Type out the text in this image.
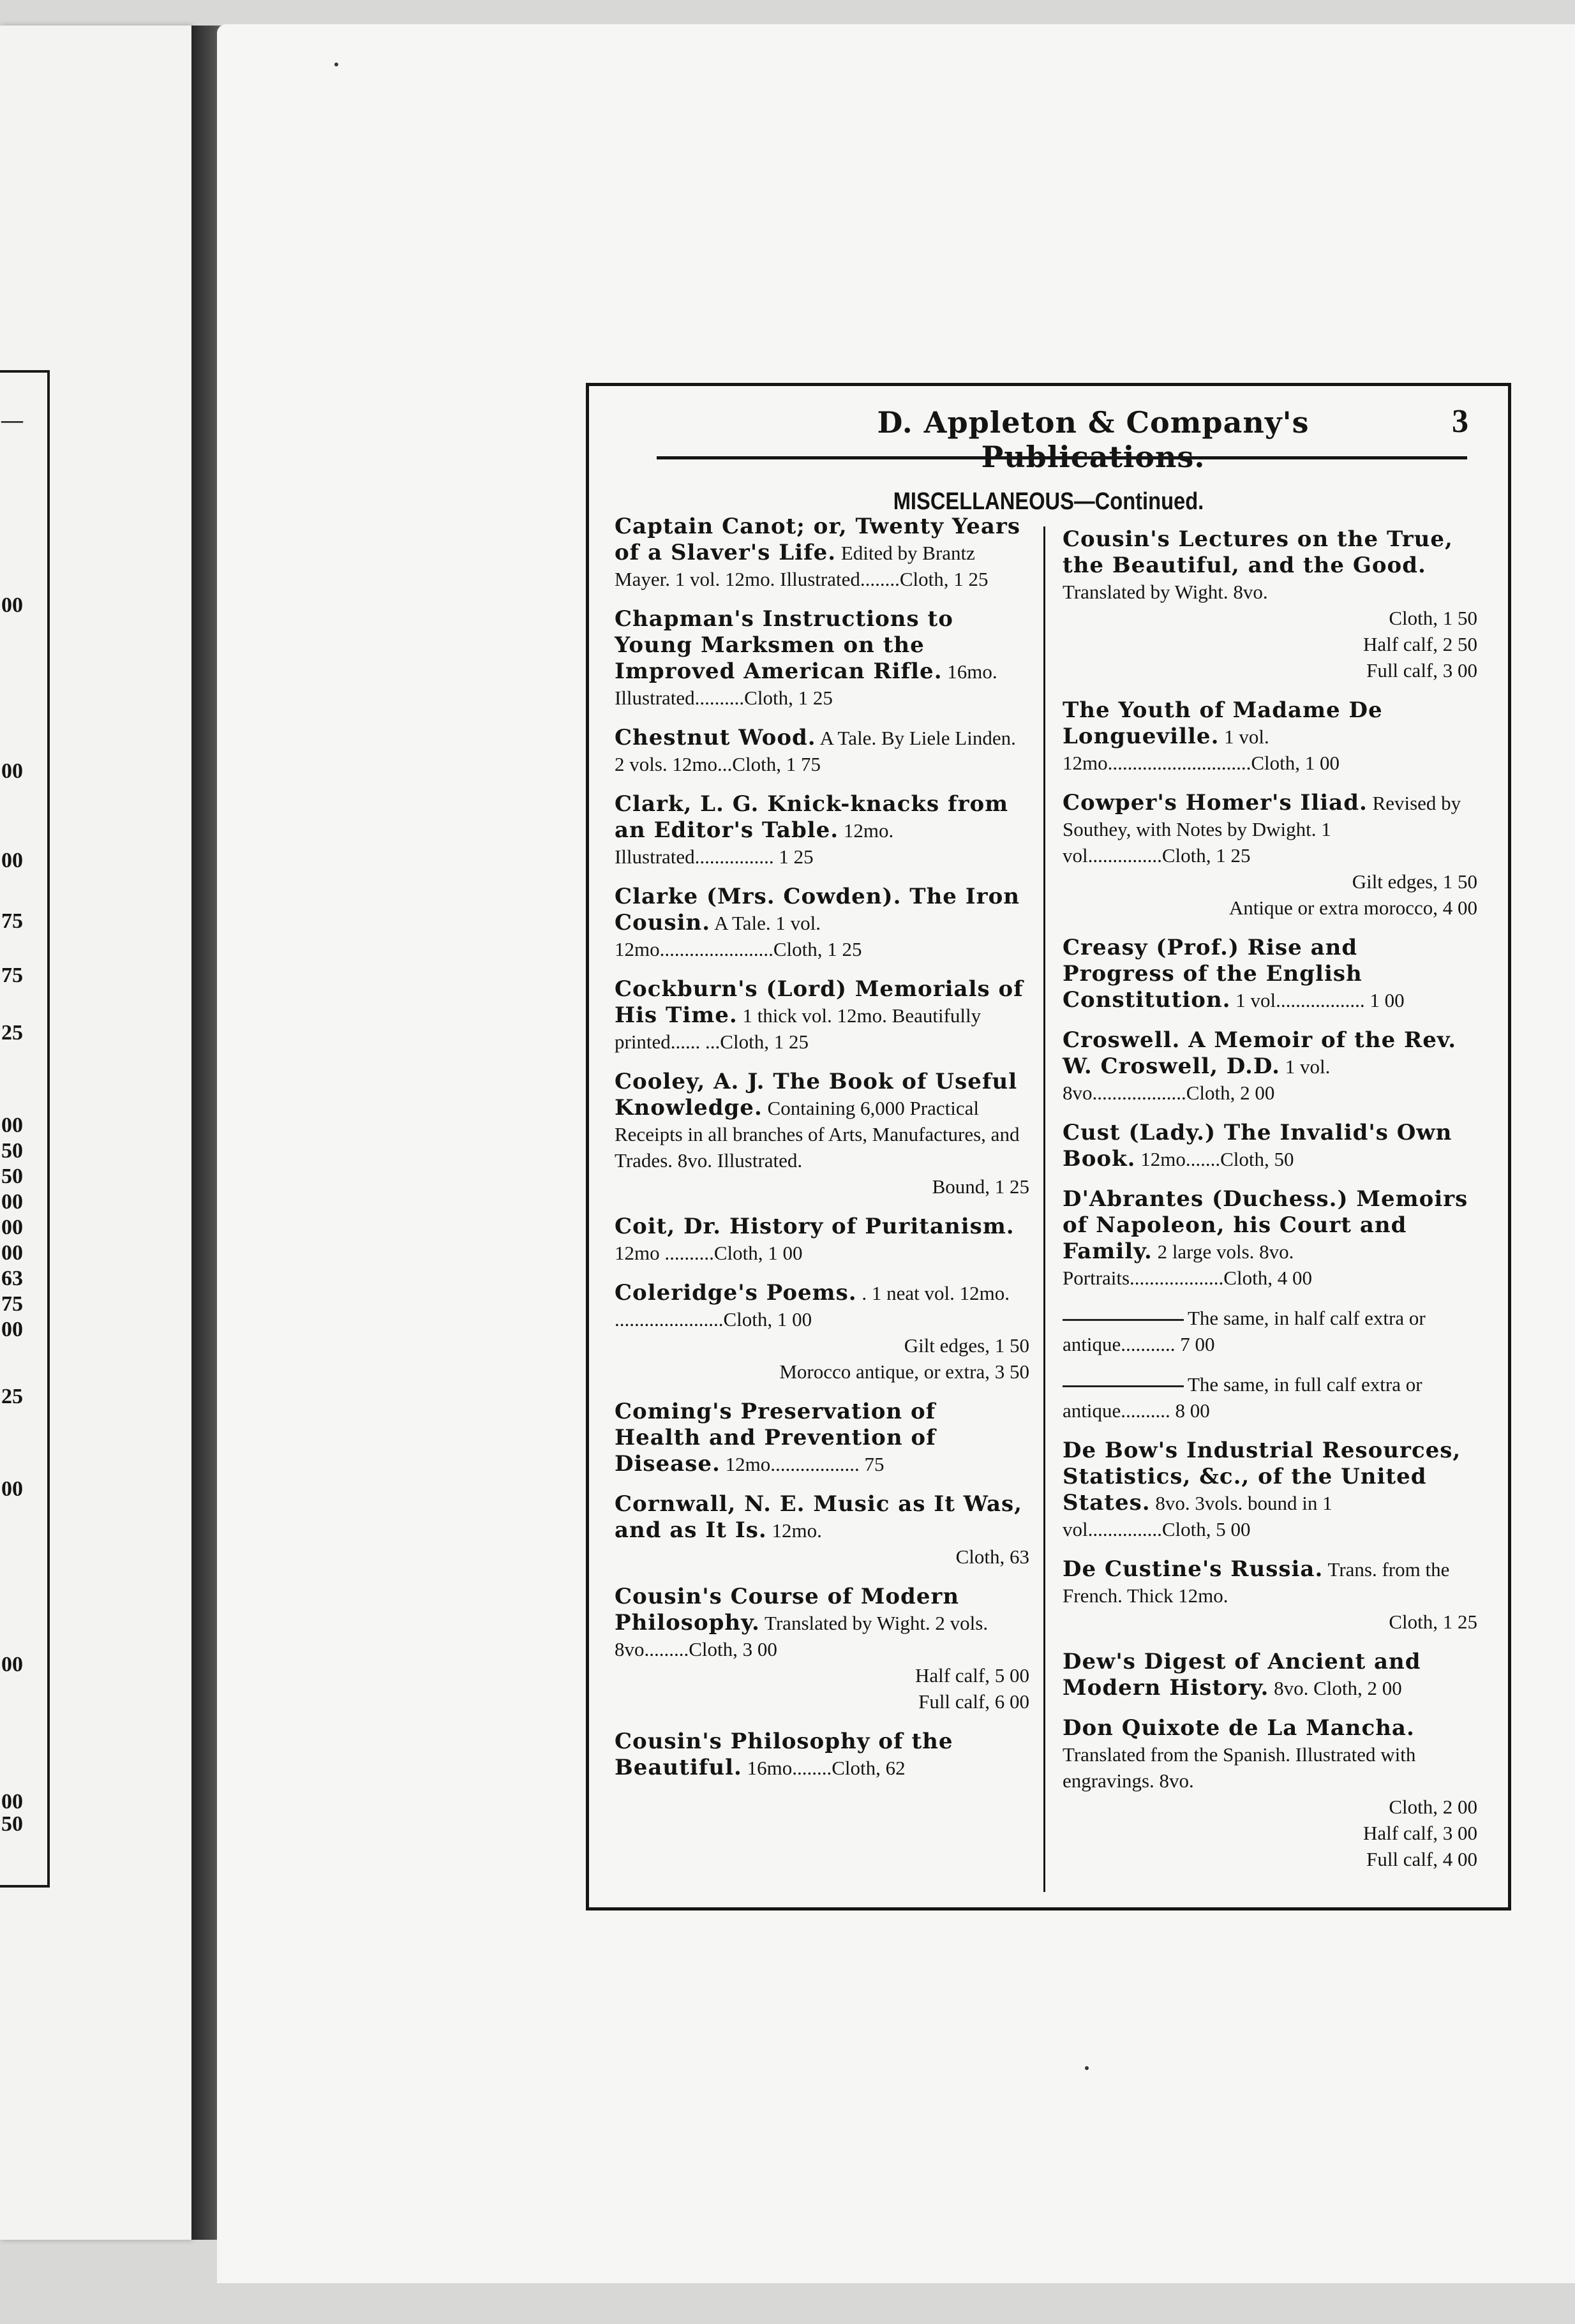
—
00
00
00
75
75
25
00
50
50
00
00
00
63
75
00
25
00
00
00
50
D. Appleton & Company's Publications.
3
MISCELLANEOUS—Continued.
Captain Canot; or, Twenty Years of a Slaver's Life. Edited by Brantz Mayer. 1 vol. 12mo. Illustrated........Cloth, 1 25
Chapman's Instructions to Young Marksmen on the Improved American Rifle. 16mo. Illustrated..........Cloth, 1 25
Chestnut Wood. A Tale. By Liele Linden. 2 vols. 12mo...Cloth, 1 75
Clark, L. G. Knick-knacks from an Editor's Table. 12mo. Illustrated................ 1 25
Clarke (Mrs. Cowden). The Iron Cousin. A Tale. 1 vol. 12mo.......................Cloth, 1 25
Cockburn's (Lord) Memorials of His Time. 1 thick vol. 12mo. Beautifully printed...... ...Cloth, 1 25
Cooley, A. J. The Book of Useful Knowledge. Containing 6,000 Practical Receipts in all branches of Arts, Manufactures, and Trades. 8vo. Illustrated.
Bound, 1 25
Coit, Dr. History of Puritanism. 12mo ..........Cloth, 1 00
Coleridge's Poems. . 1 neat vol. 12mo. ......................Cloth, 1 00
Gilt edges, 1 50
Morocco antique, or extra, 3 50
Coming's Preservation of Health and Prevention of Disease. 12mo.................. 75
Cornwall, N. E. Music as It Was, and as It Is. 12mo.
Cloth, 63
Cousin's Course of Modern Philosophy. Translated by Wight. 2 vols. 8vo.........Cloth, 3 00
Half calf, 5 00
Full calf, 6 00
Cousin's Philosophy of the Beautiful. 16mo........Cloth, 62
Cousin's Lectures on the True, the Beautiful, and the Good. Translated by Wight. 8vo.
Cloth, 1 50
Half calf, 2 50
Full calf, 3 00
The Youth of Madame De Longueville. 1 vol. 12mo.............................Cloth, 1 00
Cowper's Homer's Iliad. Revised by Southey, with Notes by Dwight. 1 vol...............Cloth, 1 25
Gilt edges, 1 50
Antique or extra morocco, 4 00
Creasy (Prof.) Rise and Progress of the English Constitution. 1 vol.................. 1 00
Croswell. A Memoir of the Rev. W. Croswell, D.D. 1 vol. 8vo...................Cloth, 2 00
Cust (Lady.) The Invalid's Own Book. 12mo.......Cloth, 50
D'Abrantes (Duchess.) Memoirs of Napoleon, his Court and Family. 2 large vols. 8vo. Portraits...................Cloth, 4 00
The same, in half calf extra or antique........... 7 00
The same, in full calf extra or antique.......... 8 00
De Bow's Industrial Resources, Statistics, &c., of the United States. 8vo. 3vols. bound in 1 vol...............Cloth, 5 00
De Custine's Russia. Trans. from the French. Thick 12mo.
Cloth, 1 25
Dew's Digest of Ancient and Modern History. 8vo. Cloth, 2 00
Don Quixote de La Mancha. Translated from the Spanish. Illustrated with engravings. 8vo.
Cloth, 2 00
Half calf, 3 00
Full calf, 4 00
